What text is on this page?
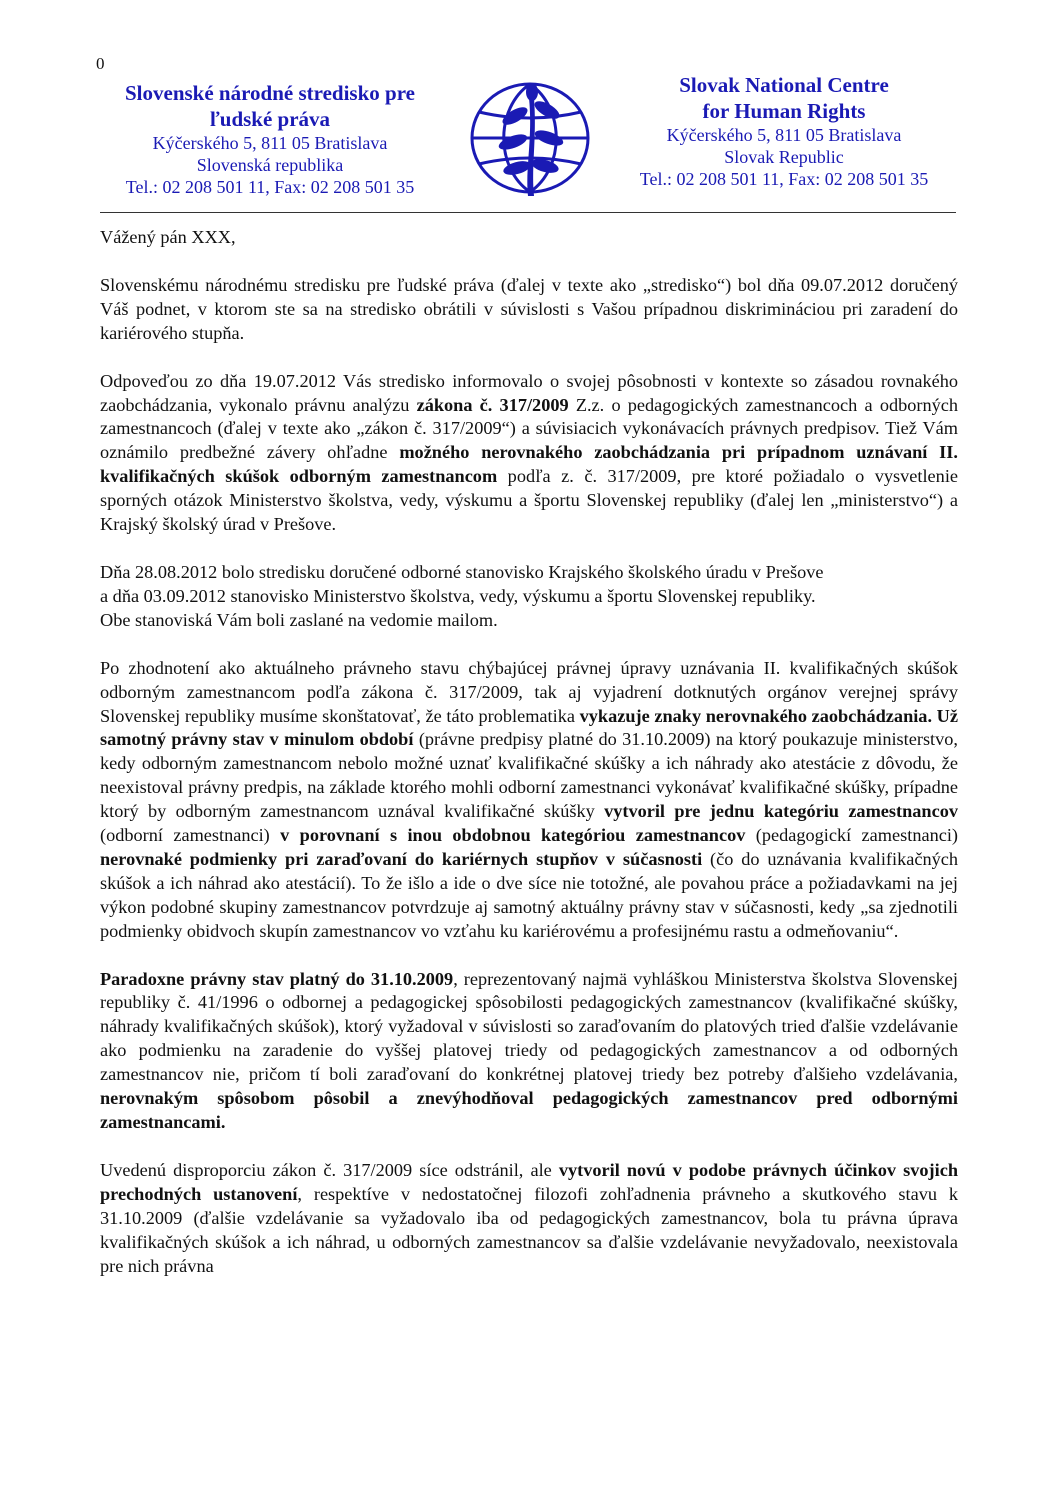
0
Slovenské národné stredisko pre
ľudské práva
Kýčerského 5, 811 05 Bratislava
Slovenská republika
Tel.: 02 208 501 11, Fax: 02 208 501 35
Slovak National Centre
for Human Rights
Kýčerského 5, 811 05 Bratislava
Slovak Republic
Tel.: 02 208 501 11, Fax: 02 208 501 35

Vážený pán XXX,

Slovenskému národnému stredisku pre ľudské práva (ďalej v texte ako „stredisko“) bol dňa 09.07.2012 doručený Váš podnet, v ktorom ste sa na stredisko obrátili v súvislosti s Vašou prípadnou diskrimináciou pri zaradení do kariérového stupňa.

Odpoveďou zo dňa 19.07.2012 Vás stredisko informovalo o svojej pôsobnosti v kontexte so zásadou rovnakého zaobchádzania, vykonalo právnu analýzu zákona č. 317/2009 Z.z. o pedagogických zamestnancoch a odborných zamestnancoch (ďalej v texte ako „zákon č. 317/2009“) a súvisiacich vykonávacích právnych predpisov. Tiež Vám oznámilo predbežné závery ohľadne možného nerovnakého zaobchádzania pri prípadnom uznávaní II. kvalifikačných skúšok odborným zamestnancom podľa z. č. 317/2009, pre ktoré požiadalo o vysvetlenie sporných otázok Ministerstvo školstva, vedy, výskumu a športu Slovenskej republiky (ďalej len „ministerstvo“) a Krajský školský úrad v Prešove.

Dňa 28.08.2012 bolo stredisku doručené odborné stanovisko Krajského školského úradu v Prešove
a dňa 03.09.2012 stanovisko Ministerstvo školstva, vedy, výskumu a športu Slovenskej republiky.
Obe stanoviská Vám boli zaslané na vedomie mailom.

Po zhodnotení ako aktuálneho právneho stavu chýbajúcej právnej úpravy uznávania II. kvalifikačných skúšok odborným zamestnancom podľa zákona č. 317/2009, tak aj vyjadrení dotknutých orgánov verejnej správy Slovenskej republiky musíme skonštatovať, že táto problematika vykazuje znaky nerovnakého zaobchádzania. Už samotný právny stav v minulom období (právne predpisy platné do 31.10.2009) na ktorý poukazuje ministerstvo, kedy odborným zamestnancom nebolo možné uznať kvalifikačné skúšky a ich náhrady ako atestácie z dôvodu, že neexistoval právny predpis, na základe ktorého mohli odborní zamestnanci vykonávať kvalifikačné skúšky, prípadne ktorý by odborným zamestnancom uznával kvalifikačné skúšky vytvoril pre jednu kategóriu zamestnancov (odborní zamestnanci) v porovnaní s inou obdobnou kategóriou zamestnancov (pedagogickí zamestnanci) nerovnaké podmienky pri zaraďovaní do kariérnych stupňov v súčasnosti (čo do uznávania kvalifikačných skúšok a ich náhrad ako atestácií). To že išlo a ide o dve síce nie totožné, ale povahou práce a požiadavkami na jej výkon podobné skupiny zamestnancov potvrdzuje aj samotný aktuálny právny stav v súčasnosti, kedy „sa zjednotili podmienky obidvoch skupín zamestnancov vo vzťahu ku kariérovému a profesijnému rastu a odmeňovaniu“.

Paradoxne právny stav platný do 31.10.2009, reprezentovaný najmä vyhláškou Ministerstva školstva Slovenskej republiky č. 41/1996 o odbornej a pedagogickej spôsobilosti pedagogických zamestnancov (kvalifikačné skúšky, náhrady kvalifikačných skúšok), ktorý vyžadoval v súvislosti so zaraďovaním do platových tried ďalšie vzdelávanie ako podmienku na zaradenie do vyššej platovej triedy od pedagogických zamestnancov a od odborných zamestnancov nie, pričom tí boli zaraďovaní do konkrétnej platovej triedy bez potreby ďalšieho vzdelávania, nerovnakým spôsobom pôsobil a znevýhodňoval pedagogických zamestnancov pred odbornými zamestnancami.

Uvedenú disproporciu zákon č. 317/2009 síce odstránil, ale vytvoril novú v podobe právnych účinkov svojich prechodných ustanovení, respektíve v nedostatočnej filozofi zohľadnenia právneho a skutkového stavu k 31.10.2009 (ďalšie vzdelávanie sa vyžadovalo iba od pedagogických zamestnancov, bola tu právna úprava kvalifikačných skúšok a ich náhrad, u odborných zamestnancov sa ďalšie vzdelávanie nevyžadovalo, neexistovala pre nich právna
